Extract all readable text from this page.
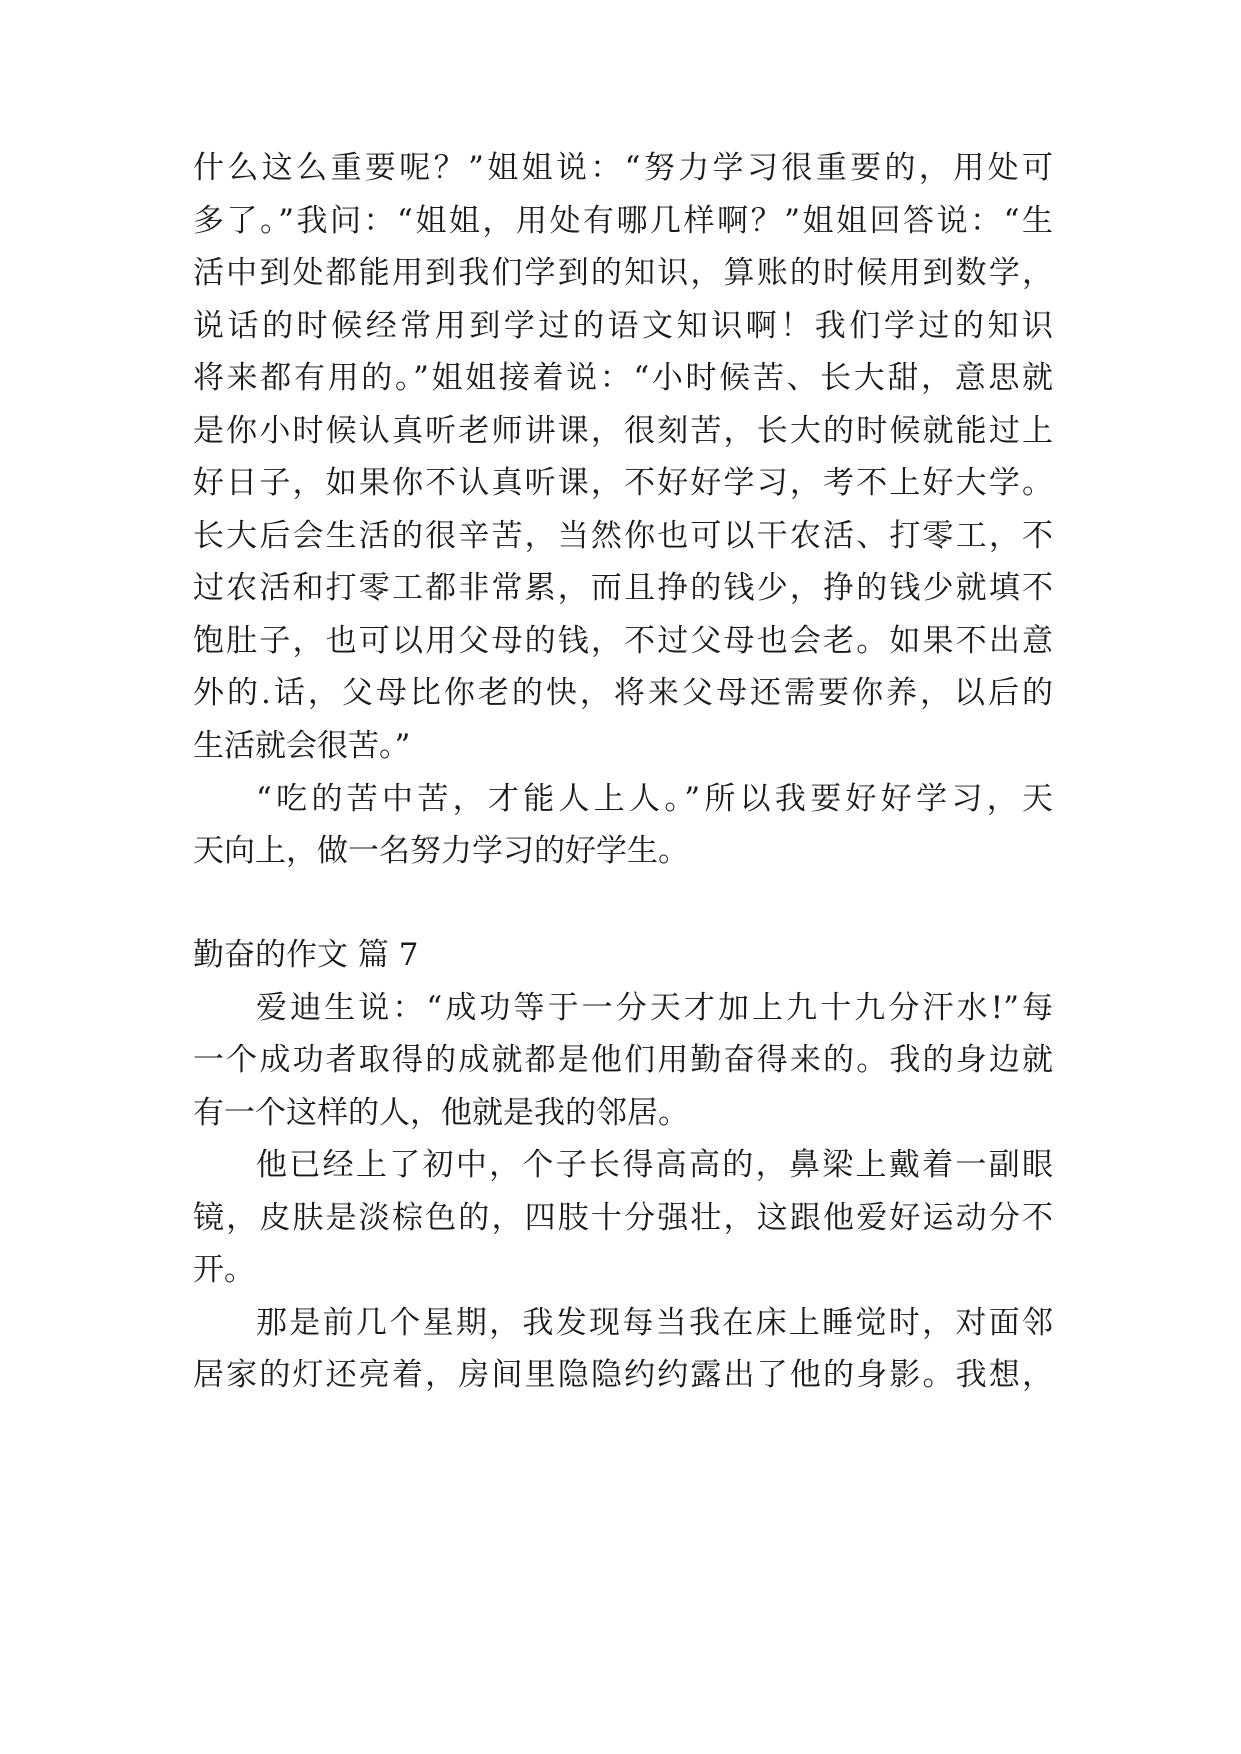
什么这么重要呢？”姐姐说：“努力学习很重要的，用处可
多了。”我问：“姐姐，用处有哪几样啊？”姐姐回答说：“生
活中到处都能用到我们学到的知识，算账的时候用到数学，
说话的时候经常用到学过的语文知识啊！我们学过的知识
将来都有用的。”姐姐接着说：“小时候苦、长大甜，意思就
是你小时候认真听老师讲课，很刻苦，长大的时候就能过上
好日子，如果你不认真听课，不好好学习，考不上好大学。
长大后会生活的很辛苦，当然你也可以干农活、打零工，不
过农活和打零工都非常累，而且挣的钱少，挣的钱少就填不
饱肚子，也可以用父母的钱，不过父母也会老。如果不出意
外的.话，父母比你老的快，将来父母还需要你养，以后的
生活就会很苦。”
“吃的苦中苦，才能人上人。”所以我要好好学习，天
天向上，做一名努力学习的好学生。
勤奋的作文 篇 7
爱迪生说：“成功等于一分天才加上九十九分汗水!”每
一个成功者取得的成就都是他们用勤奋得来的。我的身边就
有一个这样的人，他就是我的邻居。
他已经上了初中，个子长得高高的，鼻梁上戴着一副眼
镜，皮肤是淡棕色的，四肢十分强壮，这跟他爱好运动分不
开。
那是前几个星期，我发现每当我在床上睡觉时，对面邻
居家的灯还亮着，房间里隐隐约约露出了他的身影。我想，
